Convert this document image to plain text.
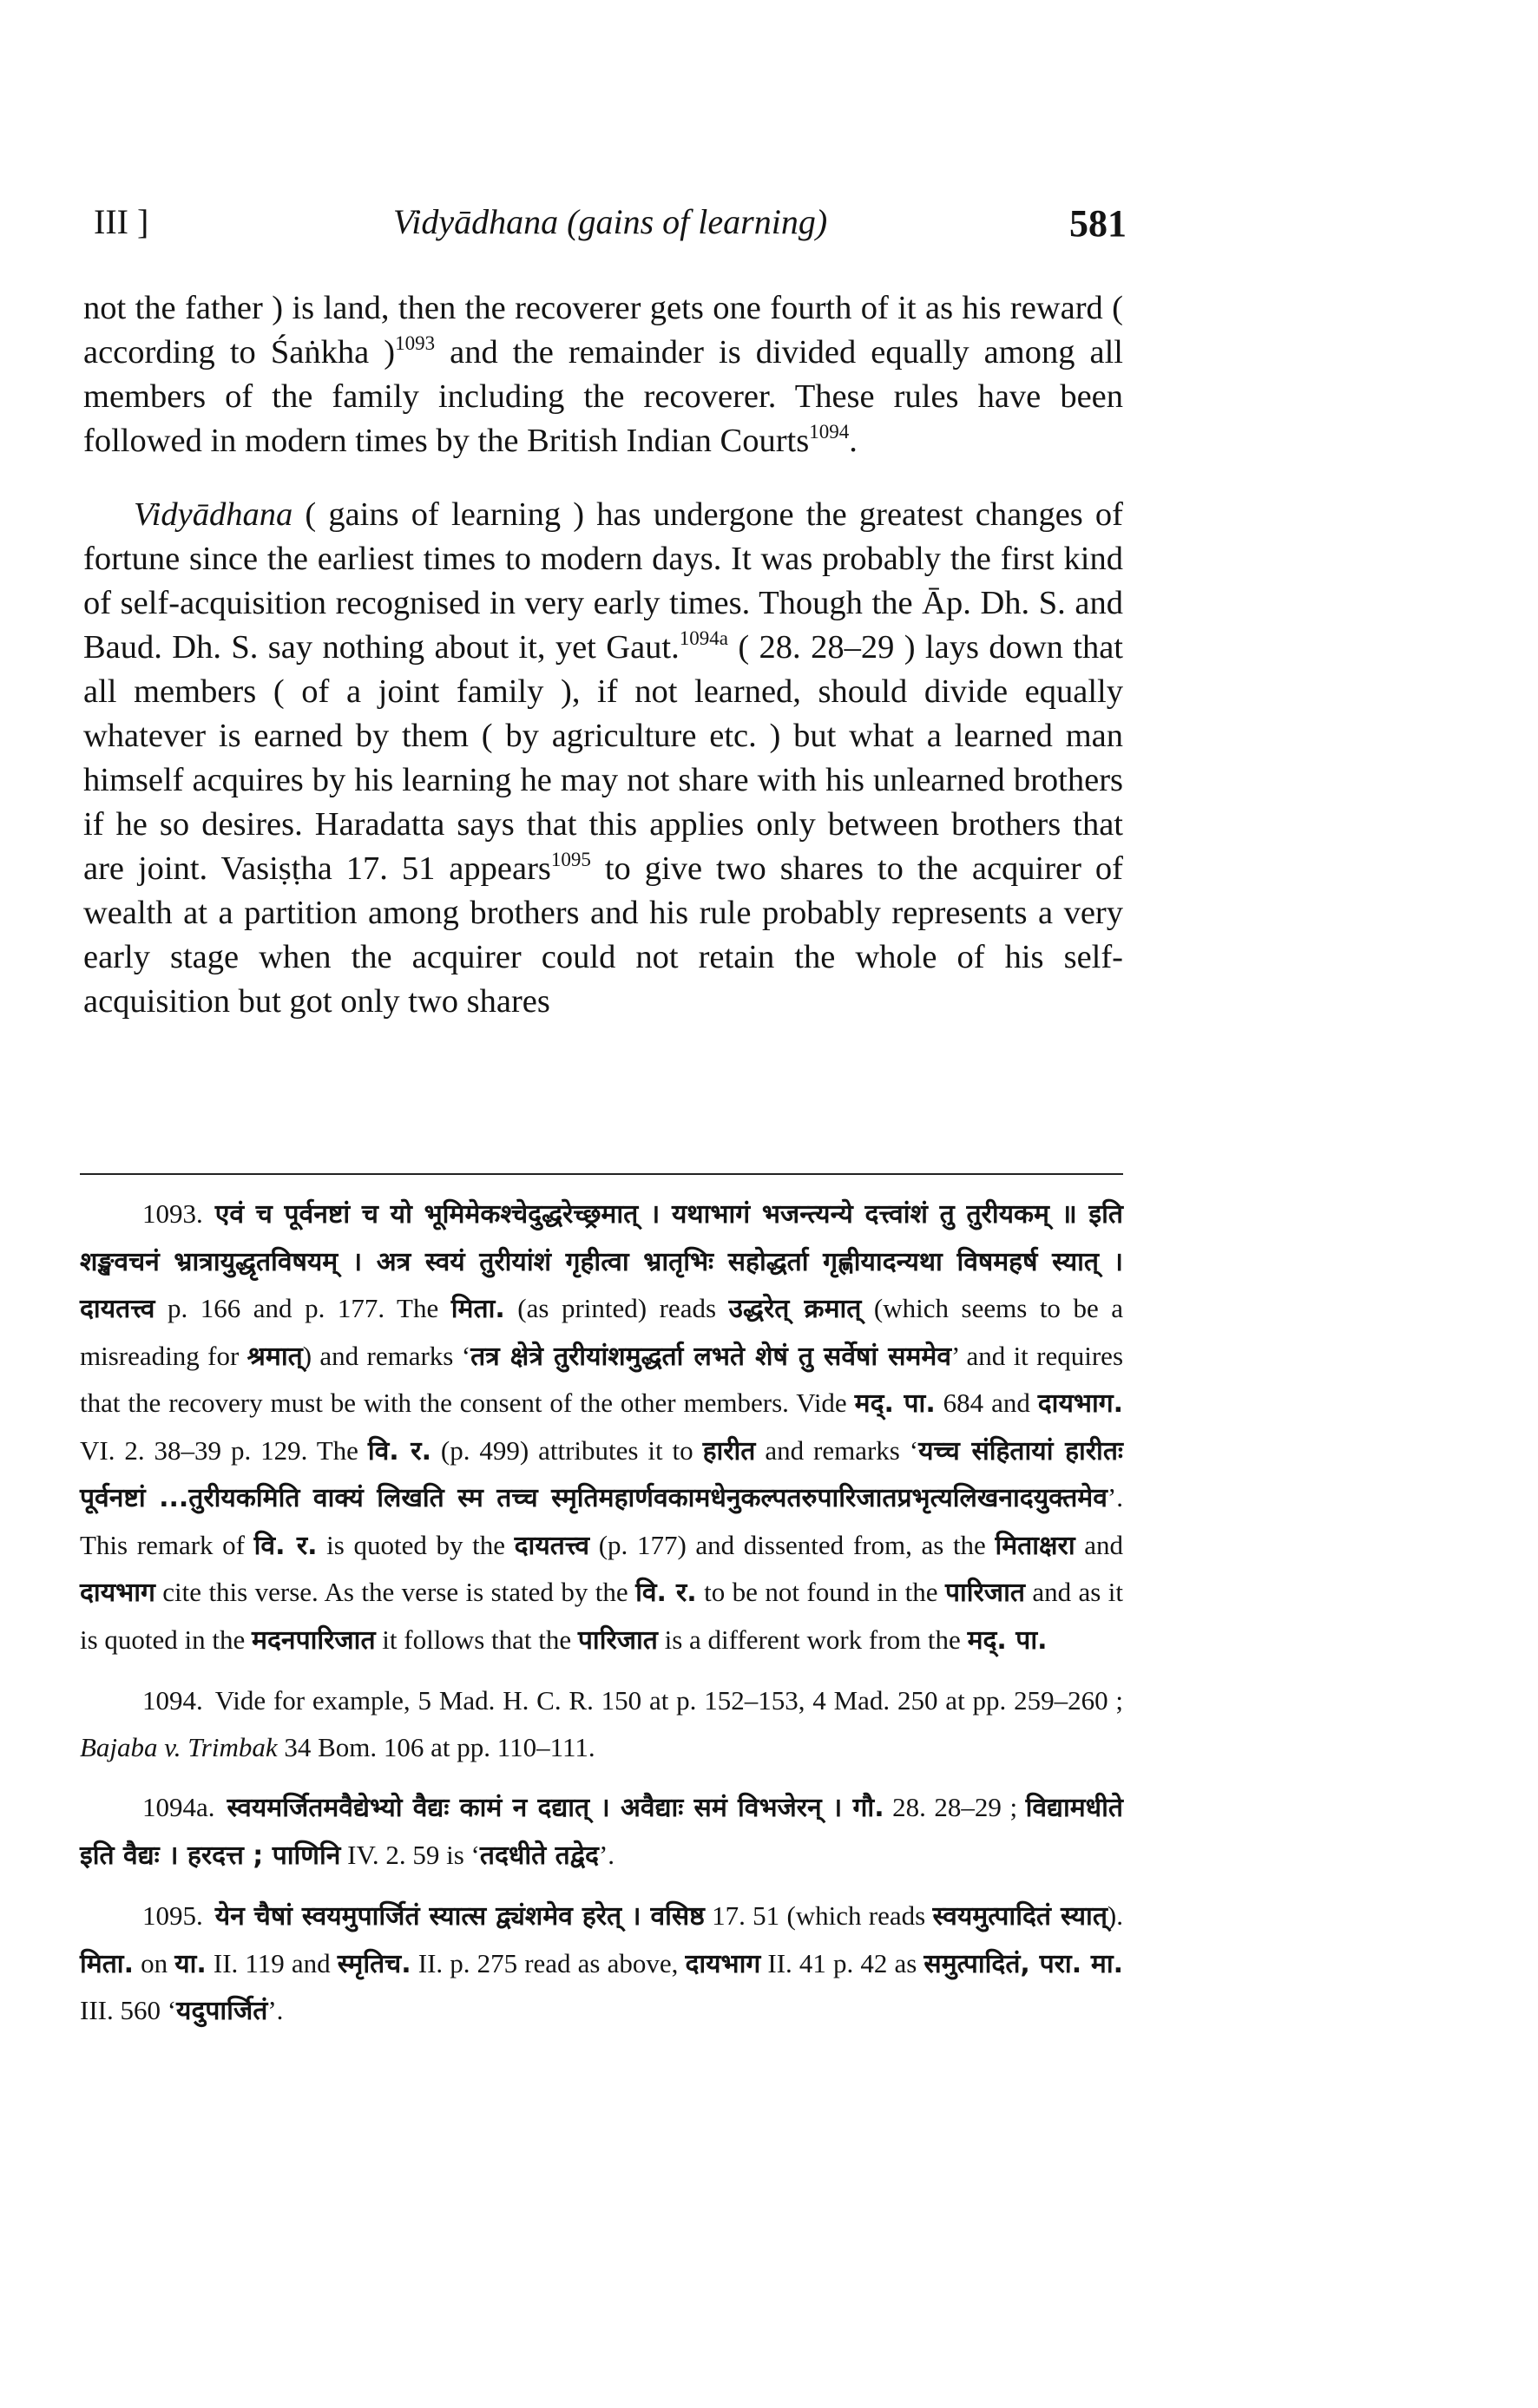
III ]	Vidyādhana (gains of learning)	581

not the father ) is land, then the recoverer gets one fourth of it as his reward ( according to Śaṅkha )$^{1093}$ and the remainder is divided equally among all members of the family including the recoverer. These rules have been followed in modern times by the British Indian Courts$^{1094}$.

Vidyādhana ( gains of learning ) has undergone the greatest changes of fortune since the earliest times to modern days. It was probably the first kind of self-acquisition recognised in very early times. Though the Āp. Dh. S. and Baud. Dh. S. say nothing about it, yet Gaut.$^{1094a}$ ( 28. 28–29 ) lays down that all members ( of a joint family ), if not learned, should divide equally whatever is earned by them ( by agriculture etc. ) but what a learned man himself acquires by his learning he may not share with his unlearned brothers if he so desires. Haradatta says that this applies only between brothers that are joint. Vasiṣṭha 17. 51 appears$^{1095}$ to give two shares to the acquirer of wealth at a partition among brothers and his rule probably represents a very early stage when the acquirer could not retain the whole of his self-acquisition but got only two shares

1093. एवं च पूर्वनष्टां च यो भूमिमेकश्चेदुद्धरेच्छ्रमात् । यथाभागं भजन्त्यन्ये दत्त्वांशं तु तुरीयकम् ॥ इति शङ्खवचनं भ्रात्रायुद्धृतविषयम् । अत्र स्वयं तुरीयांशं गृहीत्वा भ्रातृभिः सहोद्धर्ता गृह्णीयादन्यथा विषमहर्ष स्यात् । दायतत्त्व p. 166 and p. 177. The मिता. (as printed) reads उद्धरेत् क्रमात् (which seems to be a misreading for श्रमात्) and remarks ‘तत्र क्षेत्रे तुरीयांशमुद्धर्ता लभते शेषं तु सर्वेषां सममेव’ and it requires that the recovery must be with the consent of the other members. Vide मद्. पा. 684 and दायभाग. VI. 2. 38–39 p. 129. The वि. र. (p. 499) attributes it to हारीत and remarks ‘यच्च संहितायां हारीतः पूर्वनष्टां ...तुरीयकमिति वाक्यं लिखति स्म तच्च स्मृतिमहार्णवकामधेनुकल्पतरुपारिजातप्रभृत्यलिखनादयुक्तमेव’. This remark of वि. र. is quoted by the दायतत्त्व (p. 177) and dissented from, as the मिताक्षरा and दायभाग cite this verse. As the verse is stated by the वि. र. to be not found in the पारिजात and as it is quoted in the मदनपारिजात it follows that the पारिजात is a different work from the मद्. पा.
1094. Vide for example, 5 Mad. H. C. R. 150 at p. 152–153, 4 Mad. 250 at pp. 259–260 ; Bajaba v. Trimbak 34 Bom. 106 at pp. 110–111.
1094a. स्वयमर्जितमवैद्येभ्यो वैद्यः कामं न दद्यात् । अवैद्याः समं विभजेरन् । गौ. 28. 28–29 ; विद्यामधीते इति वैद्यः । हरदत्त ; पाणिनि IV. 2. 59 is ‘तदधीते तद्वेद’.
1095. येन चैषां स्वयमुपार्जितं स्यात्स द्व्यंशमेव हरेत् । वसिष्ठ 17. 51 (which reads स्वयमुत्पादितं स्यात्). मिता. on या. II. 119 and स्मृतिच. II. p. 275 read as above, दायभाग II. 41 p. 42 as समुत्पादितं, परा. मा. III. 560 ‘यदुपार्जितं’.
